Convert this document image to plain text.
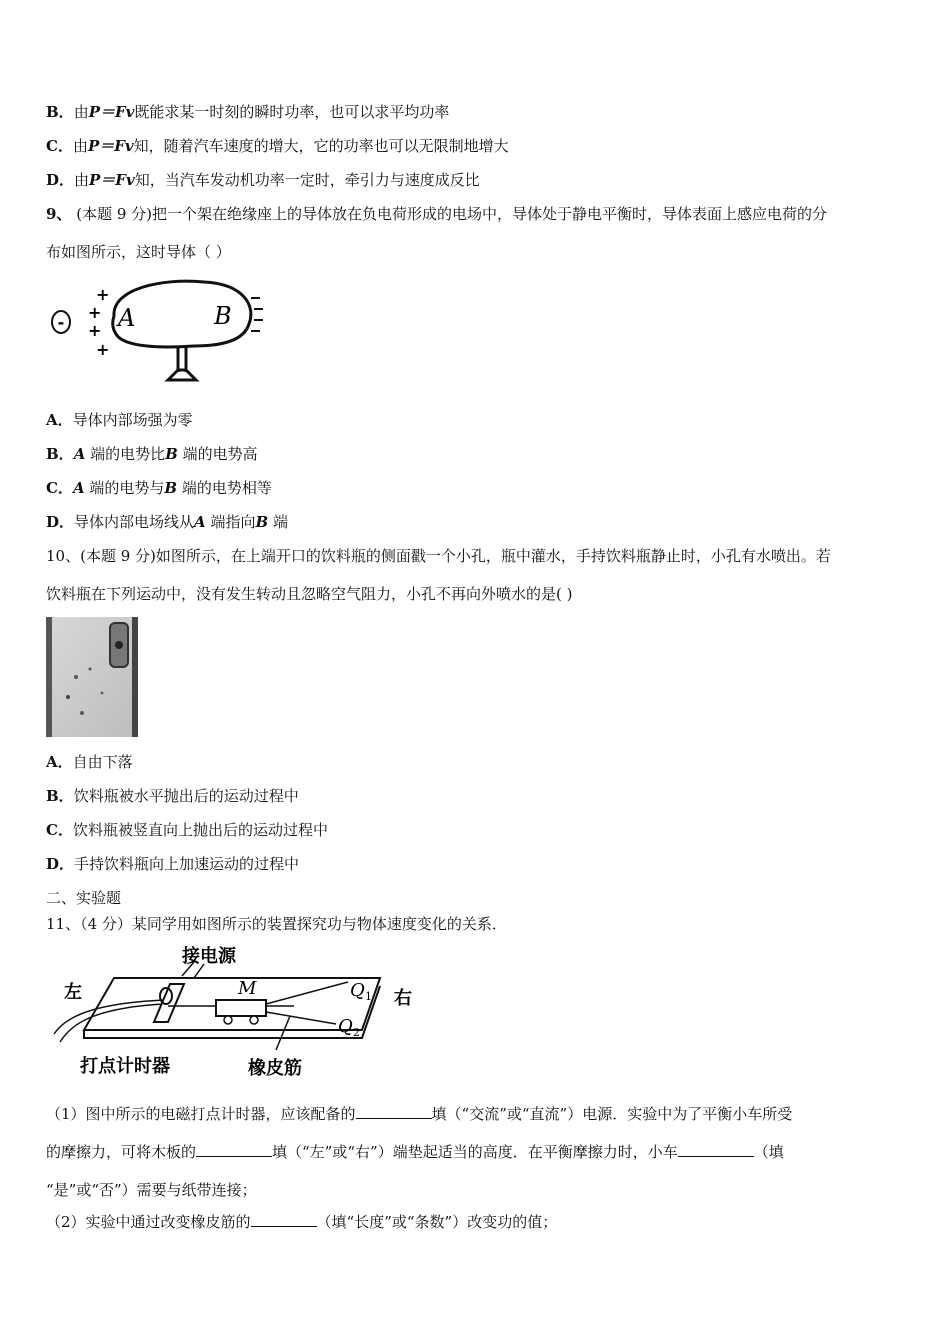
B．由P＝Fv既能求某一时刻的瞬时功率，也可以求平均功率
C．由P＝Fv知，随着汽车速度的增大，它的功率也可以无限制地增大
D．由P＝Fv知，当汽车发动机功率一定时，牵引力与速度成反比
9、 (本题 9 分)把一个架在绝缘座上的导体放在负电荷形成的电场中，导体处于静电平衡时，导体表面上感应电荷的分
布如图所示，这时导体（ ）
-
+
+
+
+
A	B
A．导体内部场强为零
B．A 端的电势比B 端的电势高
C．A 端的电势与B 端的电势相等
D．导体内部电场线从A 端指向B 端
10、(本题 9 分)如图所示，在上端开口的饮料瓶的侧面戳一个小孔，瓶中灌水，手持饮料瓶静止时，小孔有水喷出。若
饮料瓶在下列运动中，没有发生转动且忽略空气阻力，小孔不再向外喷水的是( )
A．自由下落
B．饮料瓶被水平抛出后的运动过程中
C．饮料瓶被竖直向上抛出后的运动过程中
D．手持饮料瓶向上加速运动的过程中
二、实验题
11、（4 分）某同学用如图所示的装置探究功与物体速度变化的关系．
接电源
左	右
M	Q 1
Q 2
打点计时器	橡皮筋
（1）图中所示的电磁打点计时器，应该配备的	填（“交流”或“直流”）电源．实验中为了平衡小车所受
的摩擦力，可将木板的	填（“左”或“右”）端垫起适当的高度．在平衡摩擦力时，小车	（填
“是”或“否”）需要与纸带连接；
（2）实验中通过改变橡皮筋的	（填“长度”或“条数”）改变功的值；
